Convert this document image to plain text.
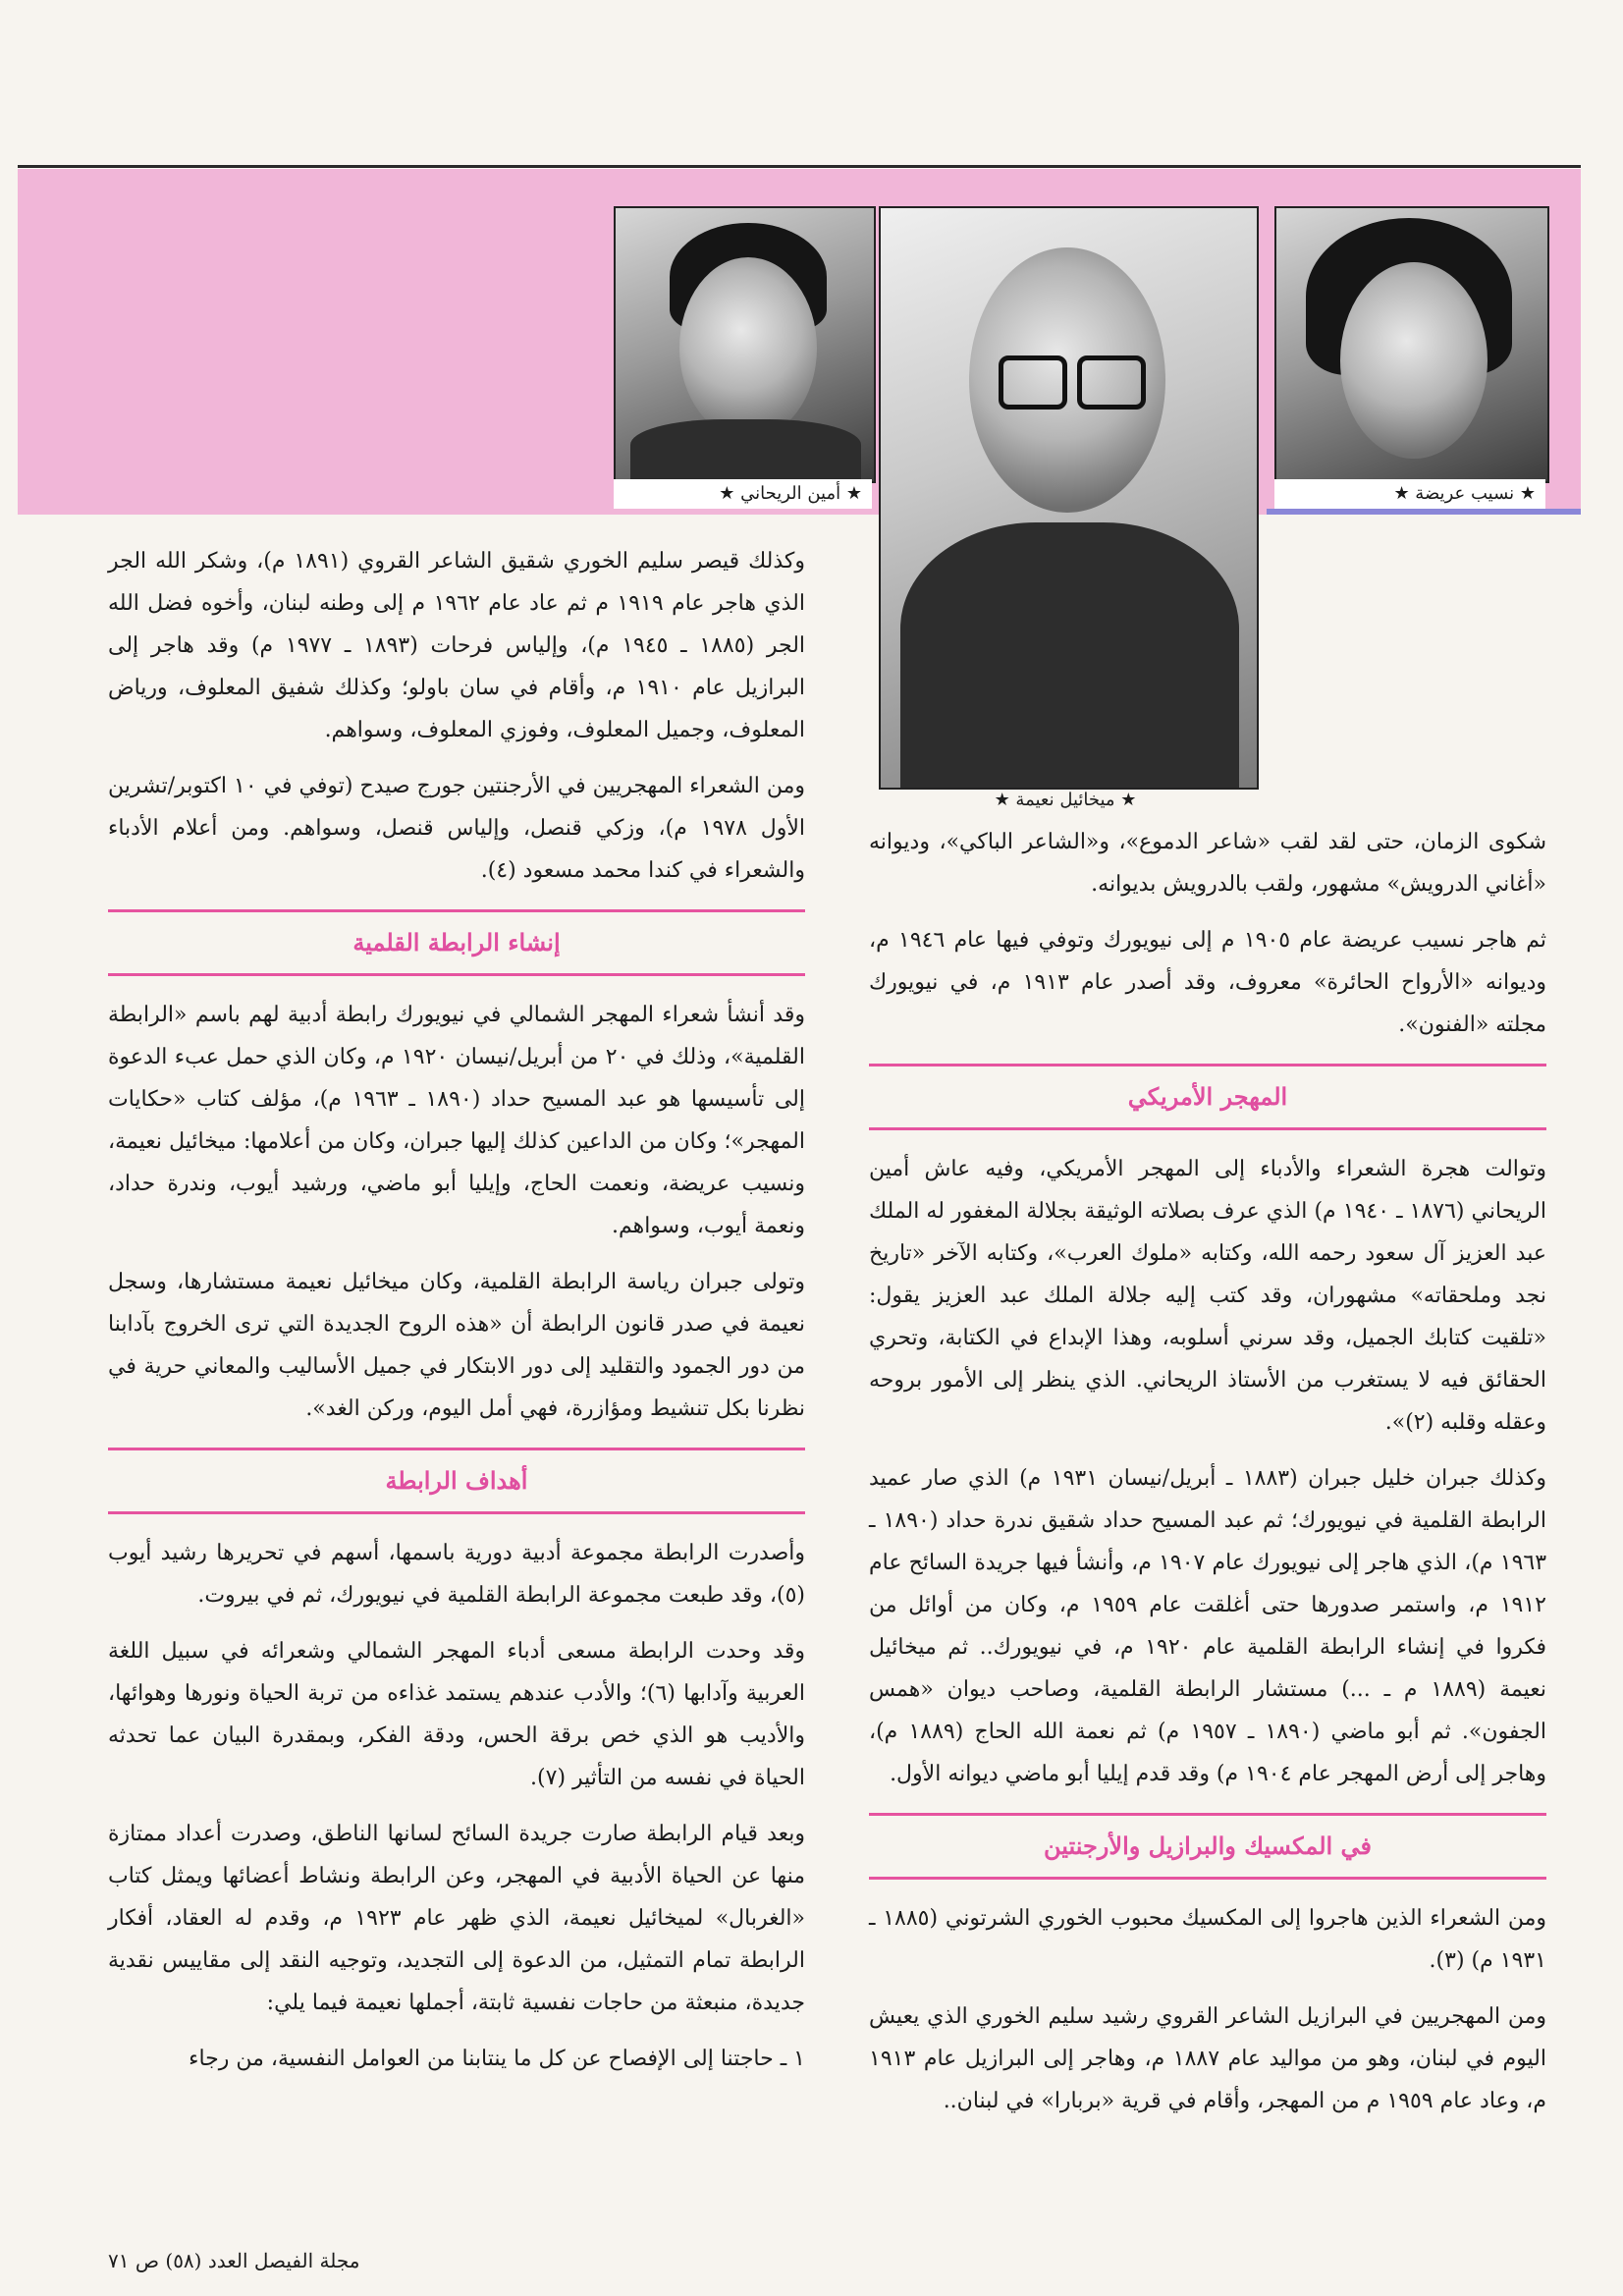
★ نسيب عريضة ★
★ ميخائيل نعيمة ★
★ أمين الريحاني ★

وكذلك قيصر سليم الخوري شقيق الشاعر القروي (١٨٩١ م)، وشكر الله الجر الذي هاجر عام ١٩١٩ م ثم عاد عام ١٩٦٢ م إلى وطنه لبنان، وأخوه فضل الله الجر (١٨٨٥ ـ ١٩٤٥ م)، وإلياس فرحات (١٨٩٣ ـ ١٩٧٧ م) وقد هاجر إلى البرازيل عام ١٩١٠ م، وأقام في سان باولو؛ وكذلك شفيق المعلوف، ورياض المعلوف، وجميل المعلوف، وفوزي المعلوف، وسواهم.

ومن الشعراء المهجريين في الأرجنتين جورج صيدح (توفي في ١٠ اكتوبر/تشرين الأول ١٩٧٨ م)، وزكي قنصل، وإلياس قنصل، وسواهم. ومن أعلام الأدباء والشعراء في كندا محمد مسعود (٤).

إنشاء الرابطة القلمية

وقد أنشأ شعراء المهجر الشمالي في نيويورك رابطة أدبية لهم باسم «الرابطة القلمية»، وذلك في ٢٠ من أبريل/نيسان ١٩٢٠ م، وكان الذي حمل عبء الدعوة إلى تأسيسها هو عبد المسيح حداد (١٨٩٠ ـ ١٩٦٣ م)، مؤلف كتاب «حكايات المهجر»؛ وكان من الداعين كذلك إليها جبران، وكان من أعلامها: ميخائيل نعيمة، ونسيب عريضة، ونعمت الحاج، وإيليا أبو ماضي، ورشيد أيوب، وندرة حداد، ونعمة أيوب، وسواهم.

وتولى جبران رياسة الرابطة القلمية، وكان ميخائيل نعيمة مستشارها، وسجل نعيمة في صدر قانون الرابطة أن «هذه الروح الجديدة التي ترى الخروج بآدابنا من دور الجمود والتقليد إلى دور الابتكار في جميل الأساليب والمعاني حرية في نظرنا بكل تنشيط ومؤازرة، فهي أمل اليوم، وركن الغد».

أهداف الرابطة

وأصدرت الرابطة مجموعة أدبية دورية باسمها، أسهم في تحريرها رشيد أيوب (٥)، وقد طبعت مجموعة الرابطة القلمية في نيويورك، ثم في بيروت.

وقد وحدت الرابطة مسعى أدباء المهجر الشمالي وشعرائه في سبيل اللغة العربية وآدابها (٦)؛ والأدب عندهم يستمد غذاءه من تربة الحياة ونورها وهوائها، والأديب هو الذي خص برقة الحس، ودقة الفكر، وبمقدرة البيان عما تحدثه الحياة في نفسه من التأثير (٧).

وبعد قيام الرابطة صارت جريدة السائح لسانها الناطق، وصدرت أعداد ممتازة منها عن الحياة الأدبية في المهجر، وعن الرابطة ونشاط أعضائها ويمثل كتاب «الغربال» لميخائيل نعيمة، الذي ظهر عام ١٩٢٣ م، وقدم له العقاد، أفكار الرابطة تمام التمثيل، من الدعوة إلى التجديد، وتوجيه النقد إلى مقاييس نقدية جديدة، منبعثة من حاجات نفسية ثابتة، أجملها نعيمة فيما يلي:

١ ـ حاجتنا إلى الإفصاح عن كل ما ينتابنا من العوامل النفسية، من رجاء

شكوى الزمان، حتى لقد لقب «شاعر الدموع»، و«الشاعر الباكي»، وديوانه «أغاني الدرويش» مشهور، ولقب بالدرويش بديوانه.

ثم هاجر نسيب عريضة عام ١٩٠٥ م إلى نيويورك وتوفي فيها عام ١٩٤٦ م، وديوانه «الأرواح الحائرة» معروف، وقد أصدر عام ١٩١٣ م، في نيويورك مجلته «الفنون».

المهجر الأمريكي

وتوالت هجرة الشعراء والأدباء إلى المهجر الأمريكي، وفيه عاش أمين الريحاني (١٨٧٦ ـ ١٩٤٠ م) الذي عرف بصلاته الوثيقة بجلالة المغفور له الملك عبد العزيز آل سعود رحمه الله، وكتابه «ملوك العرب»، وكتابه الآخر «تاريخ نجد وملحقاته» مشهوران، وقد كتب إليه جلالة الملك عبد العزيز يقول: «تلقيت كتابك الجميل، وقد سرني أسلوبه، وهذا الإبداع في الكتابة، وتحري الحقائق فيه لا يستغرب من الأستاذ الريحاني. الذي ينظر إلى الأمور بروحه وعقله وقلبه (٢)».

وكذلك جبران خليل جبران (١٨٨٣ ـ أبريل/نيسان ١٩٣١ م) الذي صار عميد الرابطة القلمية في نيويورك؛ ثم عبد المسيح حداد شقيق ندرة حداد (١٨٩٠ ـ ١٩٦٣ م)، الذي هاجر إلى نيويورك عام ١٩٠٧ م، وأنشأ فيها جريدة السائح عام ١٩١٢ م، واستمر صدورها حتى أغلقت عام ١٩٥٩ م، وكان من أوائل من فكروا في إنشاء الرابطة القلمية عام ١٩٢٠ م، في نيويورك.. ثم ميخائيل نعيمة (١٨٨٩ م ـ ...) مستشار الرابطة القلمية، وصاحب ديوان «همس الجفون». ثم أبو ماضي (١٨٩٠ ـ ١٩٥٧ م) ثم نعمة الله الحاج (١٨٨٩ م)، وهاجر إلى أرض المهجر عام ١٩٠٤ م) وقد قدم إيليا أبو ماضي ديوانه الأول.

في المكسيك والبرازيل والأرجنتين

ومن الشعراء الذين هاجروا إلى المكسيك محبوب الخوري الشرتوني (١٨٨٥ ـ ١٩٣١ م) (٣).

ومن المهجريين في البرازيل الشاعر القروي رشيد سليم الخوري الذي يعيش اليوم في لبنان، وهو من مواليد عام ١٨٨٧ م، وهاجر إلى البرازيل عام ١٩١٣ م، وعاد عام ١٩٥٩ م من المهجر، وأقام في قرية «بربارا» في لبنان..

مجلة الفيصل العدد (٥٨) ص ٧١
